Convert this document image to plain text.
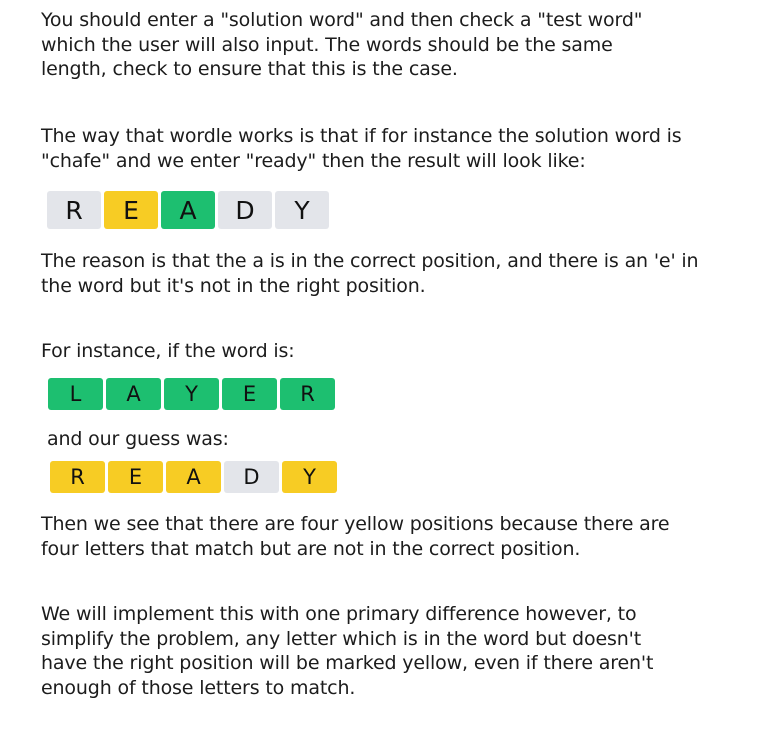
You should enter a "solution word" and then check a "test word"
which the user will also input. The words should be the same
length, check to ensure that this is the case.

The way that wordle works is that if for instance the solution word is
"chafe" and we enter "ready" then the result will look like:

R E A D Y

The reason is that the a is in the correct position, and there is an 'e' in
the word but it's not in the right position.

For instance, if the word is:

L A Y E R

and our guess was:

R E A D Y

Then we see that there are four yellow positions because there are
four letters that match but are not in the correct position.

We will implement this with one primary difference however, to
simplify the problem, any letter which is in the word but doesn't
have the right position will be marked yellow, even if there aren't
enough of those letters to match.
